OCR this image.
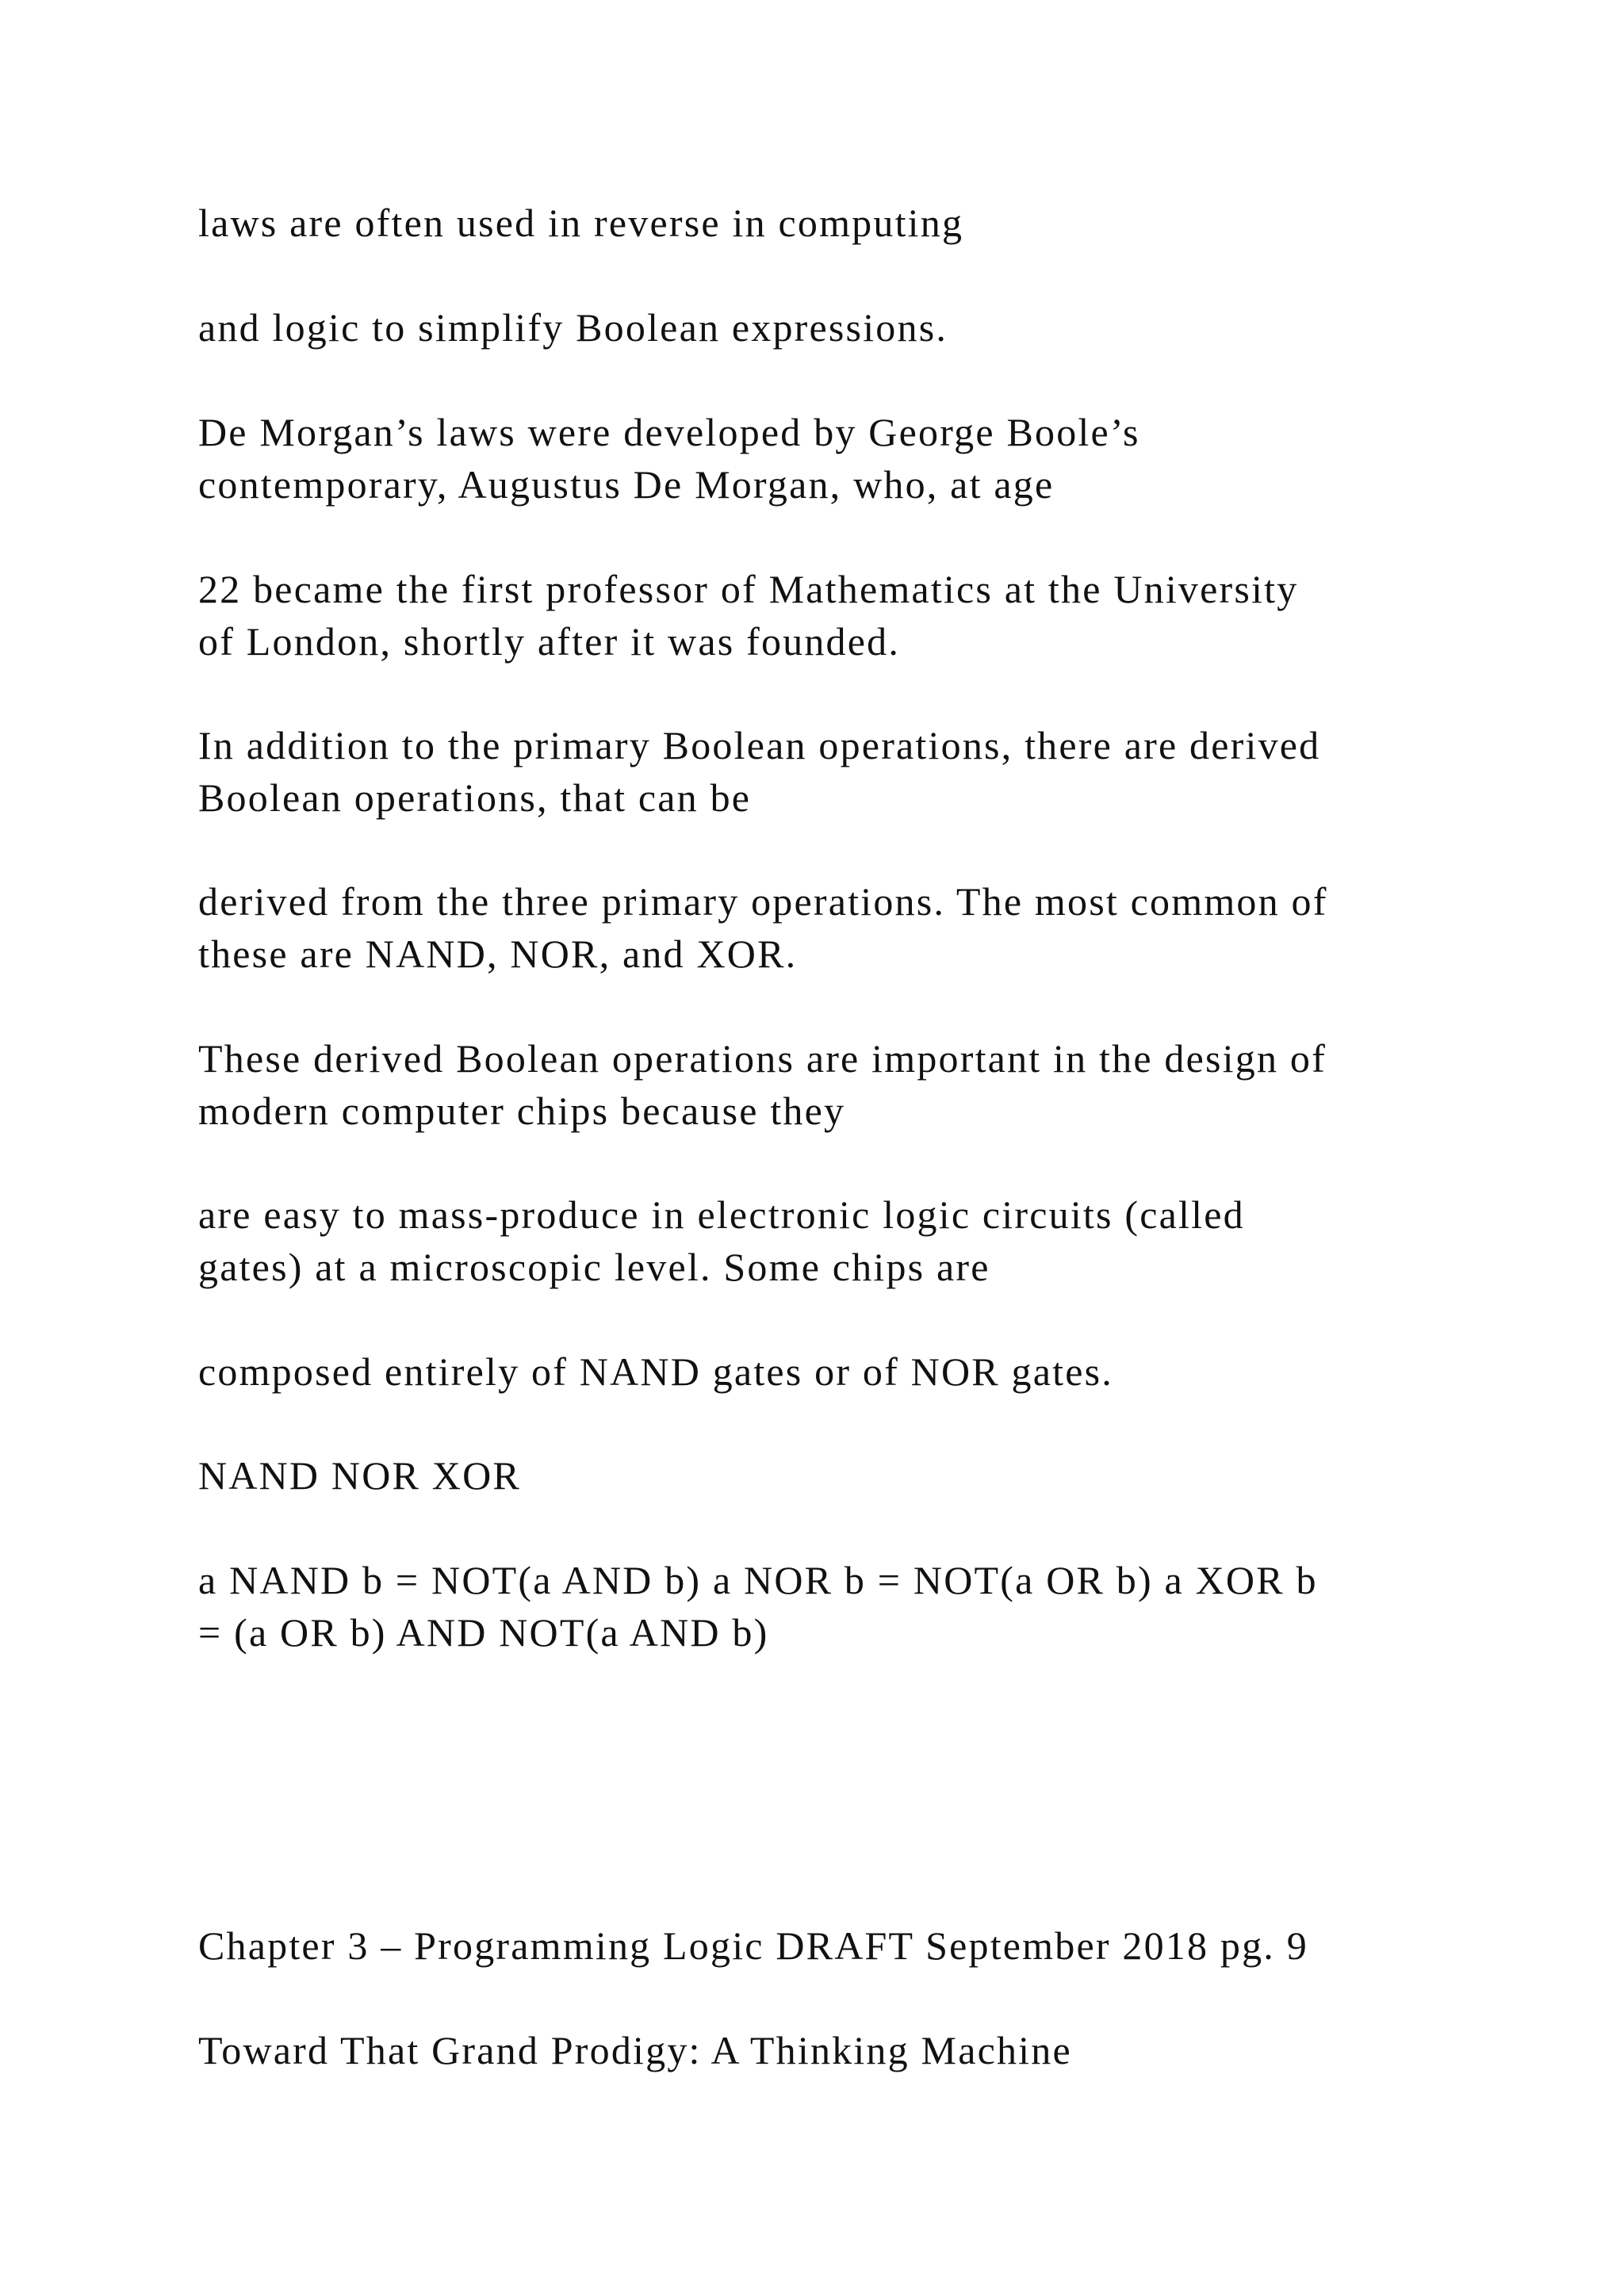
laws are often used in reverse in computing

and logic to simplify Boolean expressions.

De Morgan’s laws were developed by George Boole’s
contemporary, Augustus De Morgan, who, at age

22 became the first professor of Mathematics at the University
of London, shortly after it was founded.

In addition to the primary Boolean operations, there are derived
Boolean operations, that can be

derived from the three primary operations. The most common of
these are NAND, NOR, and XOR.

These derived Boolean operations are important in the design of
modern computer chips because they

are easy to mass-produce in electronic logic circuits (called
gates) at a microscopic level. Some chips are

composed entirely of NAND gates or of NOR gates.

NAND NOR XOR

a NAND b = NOT(a AND b) a NOR b = NOT(a OR b) a XOR b
= (a OR b) AND NOT(a AND b)

Chapter 3 – Programming Logic DRAFT September 2018 pg. 9

Toward That Grand Prodigy: A Thinking Machine
